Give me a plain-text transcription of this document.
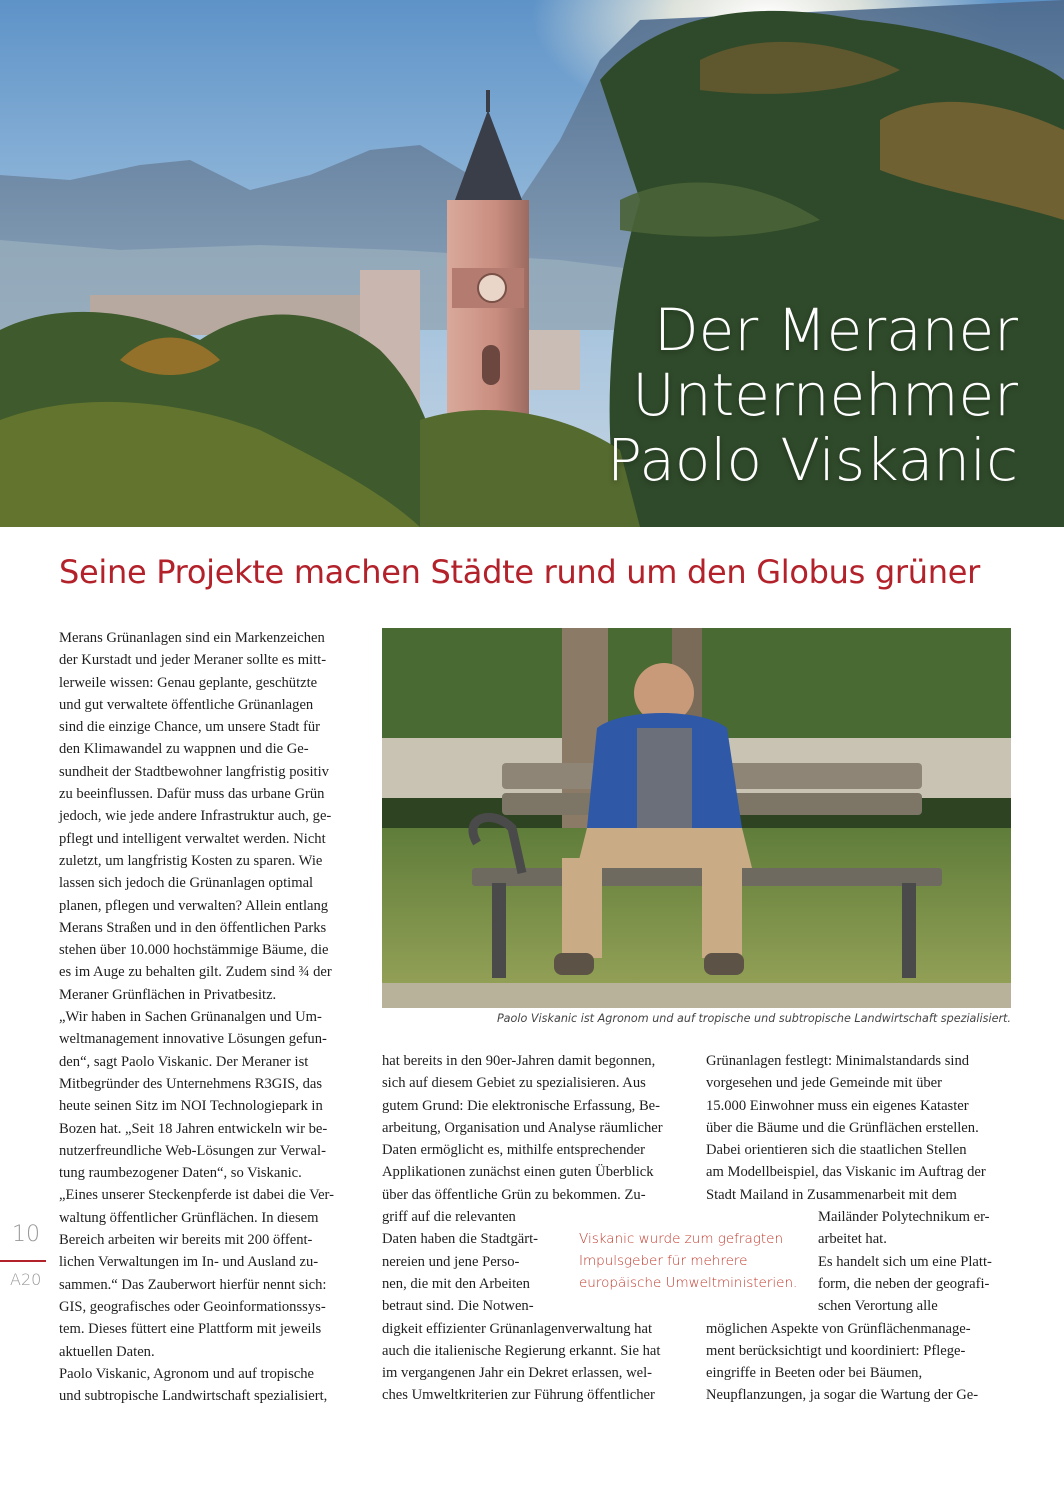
Der Meraner
Unternehmer
Paolo Viskanic
Seine Projekte machen Städte rund um den Globus grüner

Merans Grünanlagen sind ein Markenzeichen

der Kurstadt und jeder Meraner sollte es mitt-

lerweile wissen: Genau geplante, geschützte

und gut verwaltete öffentliche Grünanlagen

sind die einzige Chance, um unsere Stadt für

den Klimawandel zu wappnen und die Ge-

sundheit der Stadtbewohner langfristig positiv

zu beeinflussen. Dafür muss das urbane Grün

jedoch, wie jede andere Infrastruktur auch, ge-

pflegt und intelligent verwaltet werden. Nicht

zuletzt, um langfristig Kosten zu sparen. Wie

lassen sich jedoch die Grünanlagen optimal

planen, pflegen und verwalten? Allein entlang

Merans Straßen und in den öffentlichen Parks

stehen über 10.000 hochstämmige Bäume, die

es im Auge zu behalten gilt. Zudem sind ¾ der

Meraner Grünflächen in Privatbesitz.

„Wir haben in Sachen Grünanalgen und Um-

weltmanagement innovative Lösungen gefun-

den“, sagt Paolo Viskanic. Der Meraner ist

Mitbegründer des Unternehmens R3GIS, das

heute seinen Sitz im NOI Technologiepark in

Bozen hat. „Seit 18 Jahren entwickeln wir be-

nutzerfreundliche Web-Lösungen zur Verwal-

tung raumbezogener Daten“, so Viskanic.

„Eines unserer Steckenpferde ist dabei die Ver-

waltung öffentlicher Grünflächen. In diesem

Bereich arbeiten wir bereits mit 200 öffent-

lichen Verwaltungen im In- und Ausland zu-

sammen.“ Das Zauberwort hierfür nennt sich:

GIS, geografisches oder Geoinformationssys-

tem. Dieses füttert eine Plattform mit jeweils

aktuellen Daten.

Paolo Viskanic, Agronom und auf tropische

und subtropische Landwirtschaft spezialisiert,

Paolo Viskanic ist Agronom und auf tropische und subtropische Landwirtschaft spezialisiert.

hat bereits in den 90er-Jahren damit begonnen,

sich auf diesem Gebiet zu spezialisieren. Aus

gutem Grund: Die elektronische Erfassung, Be-

arbeitung, Organisation und Analyse räumlicher

Daten ermöglicht es, mithilfe entsprechender

Applikationen zunächst einen guten Überblick

über das öffentliche Grün zu bekommen. Zu-

griff auf die relevanten

Daten haben die Stadtgärt-

nereien und jene Perso-

nen, die mit den Arbeiten

betraut sind. Die Notwen-

digkeit effizienter Grünanlagenverwaltung hat

auch die italienische Regierung erkannt. Sie hat

im vergangenen Jahr ein Dekret erlassen, wel-

ches Umweltkriterien zur Führung öffentlicher

Grünanlagen festlegt: Minimalstandards sind

vorgesehen und jede Gemeinde mit über

15.000 Einwohner muss ein eigenes Kataster

über die Bäume und die Grünflächen erstellen.

Dabei orientieren sich die staatlichen Stellen

am Modellbeispiel, das Viskanic im Auftrag der

Stadt Mailand in Zusammenarbeit mit dem

Mailänder Polytechnikum er-

arbeitet hat.

Es handelt sich um eine Platt-

form, die neben der geografi-

schen Verortung alle

möglichen Aspekte von Grünflächenmanage-

ment berücksichtigt und koordiniert: Pflege-

eingriffe in Beeten oder bei Bäumen,

Neupflanzungen, ja sogar die Wartung der Ge-

Viskanic wurde zum gefragten

Impulsgeber für mehrere

europäische Umweltministerien.

10
A20
